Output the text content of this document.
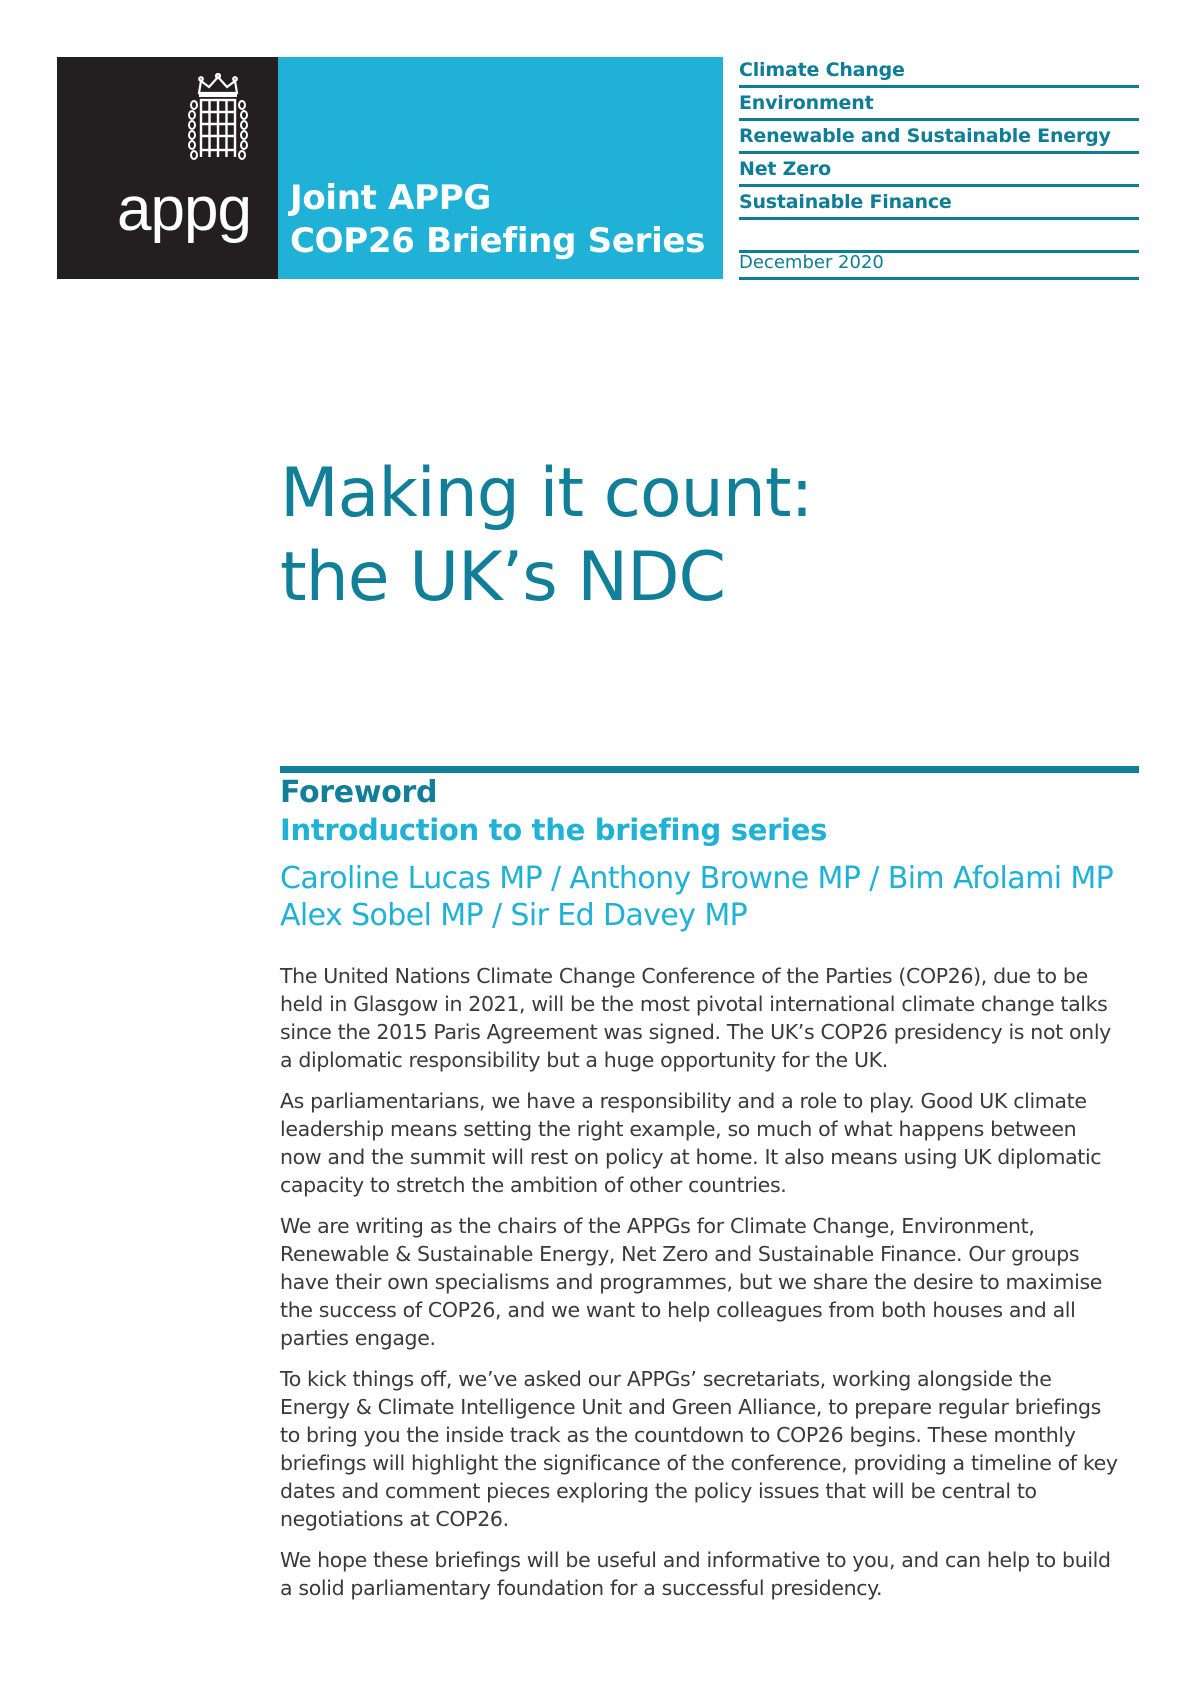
appg	Joint APPG
COP26 Briefing Series
Climate Change
Environment
Renewable and Sustainable Energy
Net Zero
Sustainable Finance
December 2020
Making it count:
the UK’s NDC
Foreword
Introduction to the briefing series
Caroline Lucas MP / Anthony Browne MP / Bim Afolami MP
Alex Sobel MP / Sir Ed Davey MP

The United Nations Climate Change Conference of the Parties (COP26), due to be
held in Glasgow in 2021, will be the most pivotal international climate change talks
since the 2015 Paris Agreement was signed. The UK’s COP26 presidency is not only
a diplomatic responsibility but a huge opportunity for the UK.

As parliamentarians, we have a responsibility and a role to play. Good UK climate
leadership means setting the right example, so much of what happens between
now and the summit will rest on policy at home. It also means using UK diplomatic
capacity to stretch the ambition of other countries.

We are writing as the chairs of the APPGs for Climate Change, Environment,
Renewable & Sustainable Energy, Net Zero and Sustainable Finance. Our groups
have their own specialisms and programmes, but we share the desire to maximise
the success of COP26, and we want to help colleagues from both houses and all
parties engage.

To kick things off, we’ve asked our APPGs’ secretariats, working alongside the
Energy & Climate Intelligence Unit and Green Alliance, to prepare regular briefings
to bring you the inside track as the countdown to COP26 begins. These monthly
briefings will highlight the significance of the conference, providing a timeline of key
dates and comment pieces exploring the policy issues that will be central to
negotiations at COP26.

We hope these briefings will be useful and informative to you, and can help to build
a solid parliamentary foundation for a successful presidency.
